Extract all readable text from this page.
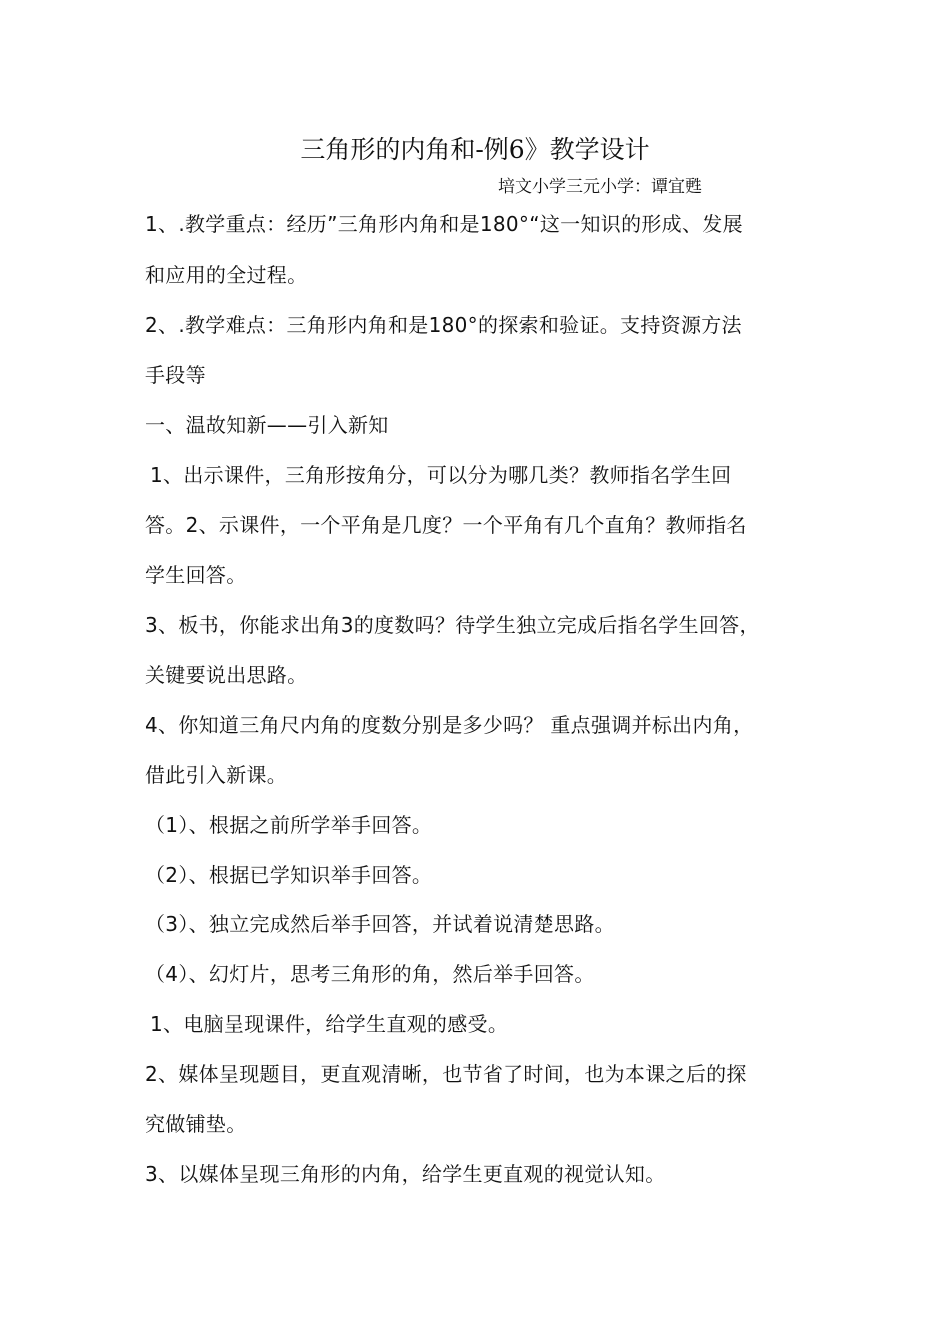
三角形的内角和-例6》教学设计
培文小学三元小学：谭宜甦
1、.教学重点：经历”三角形内角和是180°“这一知识的形成、发展
和应用的全过程。
2、.教学难点：三角形内角和是180°的探索和验证。支持资源方法
手段等
一、温故知新——引入新知
1、出示课件，三角形按角分，可以分为哪几类？教师指名学生回
答。2、示课件，一个平角是几度？一个平角有几个直角？教师指名
学生回答。
3、板书，你能求出角3的度数吗？待学生独立完成后指名学生回答，
关键要说出思路。
4、你知道三角尺内角的度数分别是多少吗？ 重点强调并标出内角，
借此引入新课。
（1）、根据之前所学举手回答。
（2）、根据已学知识举手回答。
（3）、独立完成然后举手回答，并试着说清楚思路。
（4）、幻灯片，思考三角形的角，然后举手回答。
1、电脑呈现课件，给学生直观的感受。
2、媒体呈现题目，更直观清晰，也节省了时间，也为本课之后的探
究做铺垫。
3、以媒体呈现三角形的内角，给学生更直观的视觉认知。
